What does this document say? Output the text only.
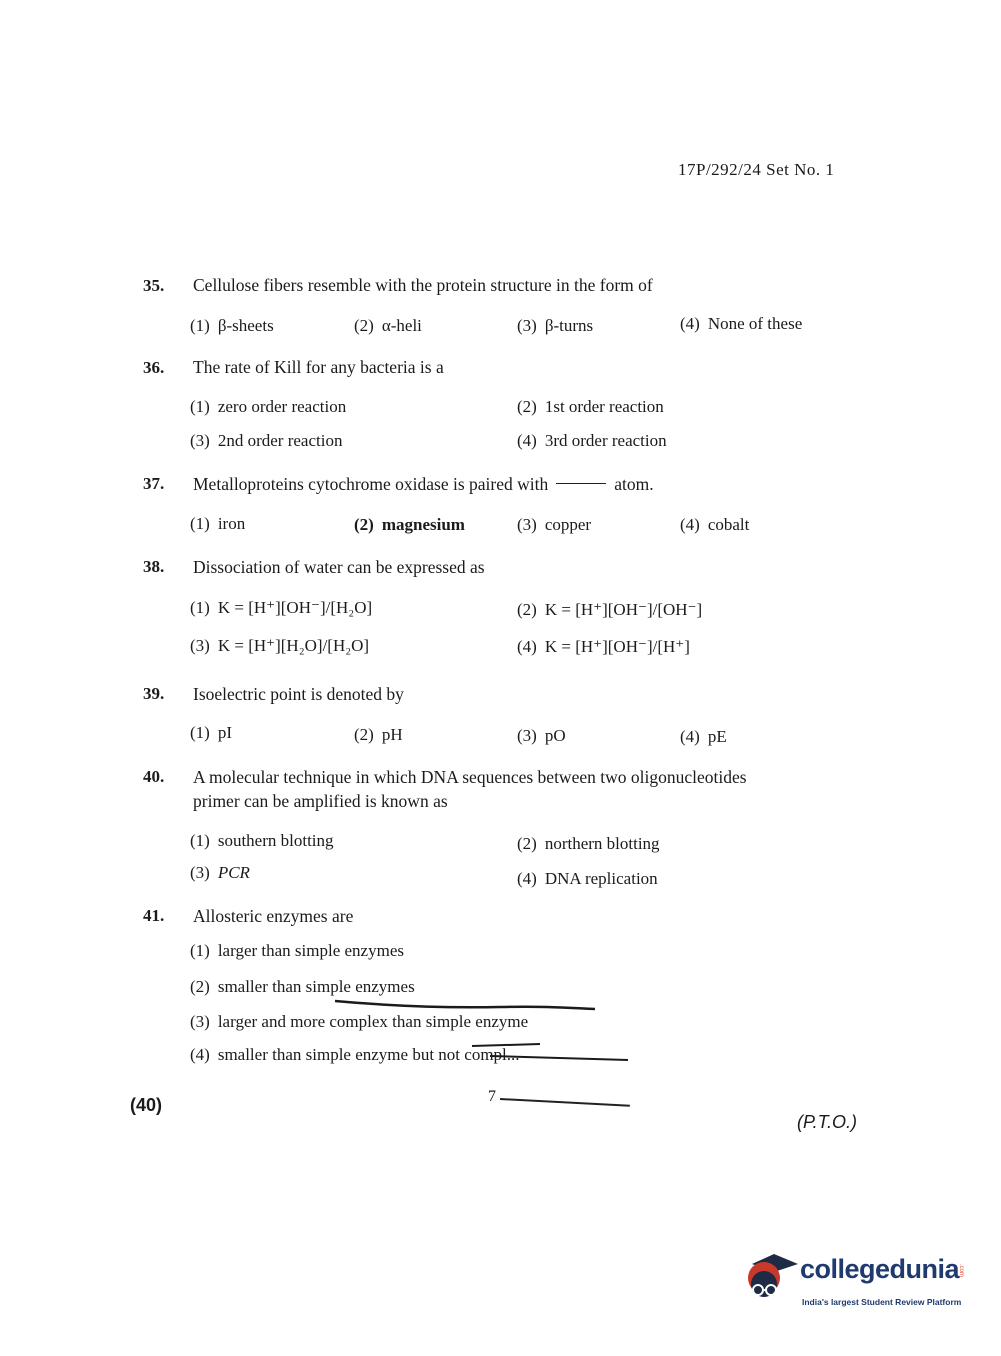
17P/292/24 Set No. 1
35. Cellulose fibers resemble with the protein structure in the form of
(1) β-sheets	(2) α-heli	(3) β-turns	(4) None of these
36. The rate of Kill for any bacteria is a
(1) zero order reaction	(2) 1st order reaction
(3) 2nd order reaction	(4) 3rd order reaction
37. Metalloproteins cytochrome oxidase is paired with	atom.
(1) iron	(2) magnesium	(3) copper	(4) cobalt
38. Dissociation of water can be expressed as
(1) K = [H⁺][OH⁻]/[H₂O]	(2) K = [H⁺][OH⁻]/[OH⁻]
(3) K = [H⁺][H₂O]/[H₂O]	(4) K = [H⁺][OH⁻]/[H⁺]
39. Isoelectric point is denoted by
(1) pI	(2) pH	(3) pO	(4) pE
40. A molecular technique in which DNA sequences between two oligonucleotides
primer can be amplified is known as
(1) southern blotting	(2) northern blotting
(3) PCR	(4) DNA replication
41. Allosteric enzymes are
(1) larger than simple enzymes
(2) smaller than simple enzymes
(3) larger and more complex than simple enzyme
(4) smaller than simple enzyme but not compl...
(40)	7
(P.T.O.)
collegedunia
.com
India's largest Student Review Platform
